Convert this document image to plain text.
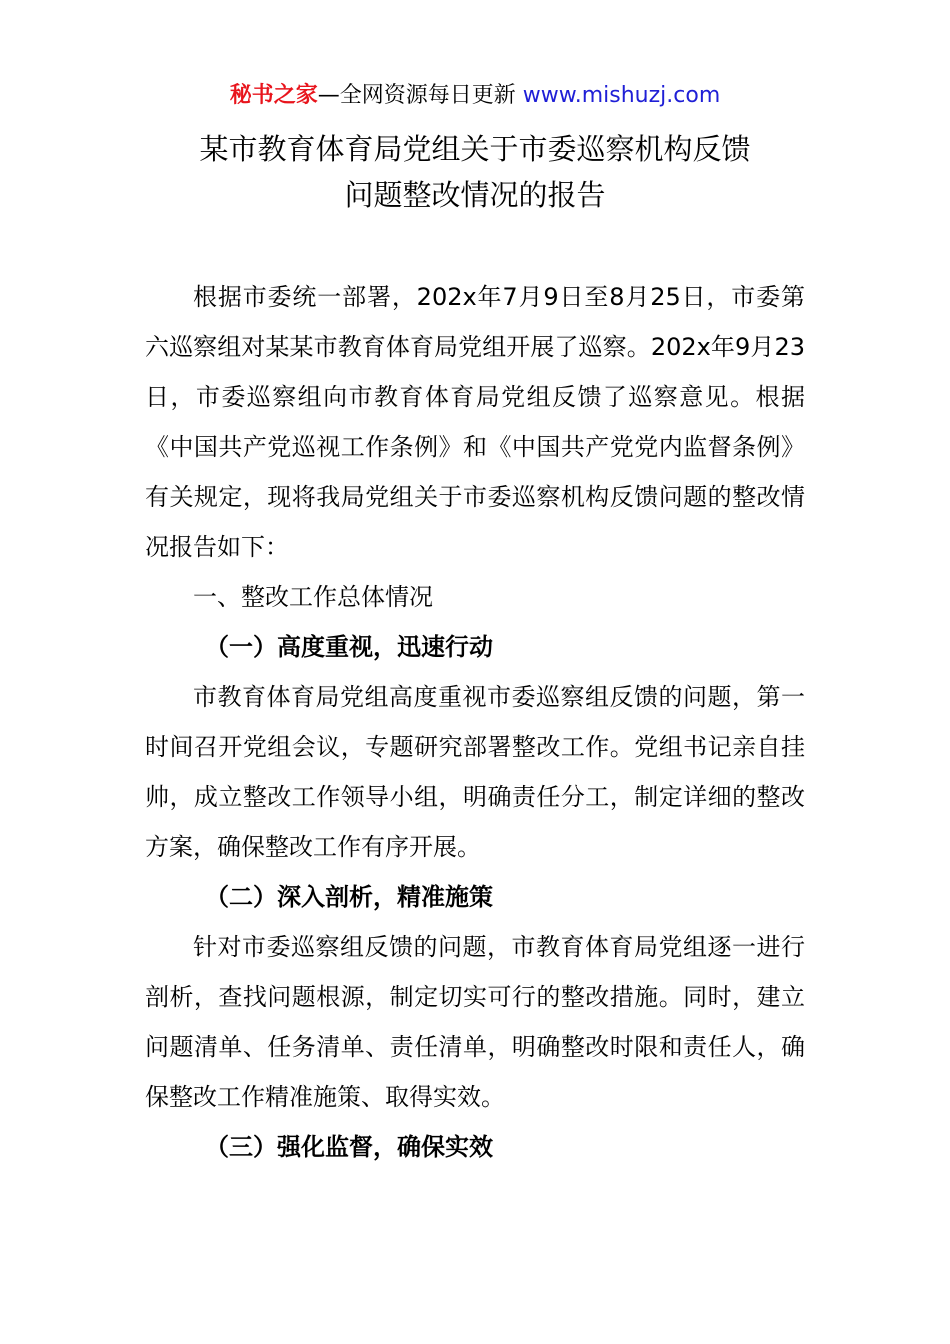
秘书之家—全网资源每日更新 www.mishuzj.com
某市教育体育局党组关于市委巡察机构反馈
问题整改情况的报告

根据市委统一部署，202x年7月9日至8月25日，市委第六巡察组对某某市教育体育局党组开展了巡察。202x年9月23日，市委巡察组向市教育体育局党组反馈了巡察意见。根据《中国共产党巡视工作条例》和《中国共产党党内监督条例》有关规定，现将我局党组关于市委巡察机构反馈问题的整改情况报告如下：

一、整改工作总体情况

（一）高度重视，迅速行动

市教育体育局党组高度重视市委巡察组反馈的问题，第一时间召开党组会议，专题研究部署整改工作。党组书记亲自挂帅，成立整改工作领导小组，明确责任分工，制定详细的整改方案，确保整改工作有序开展。

（二）深入剖析，精准施策

针对市委巡察组反馈的问题，市教育体育局党组逐一进行剖析，查找问题根源，制定切实可行的整改措施。同时，建立问题清单、任务清单、责任清单，明确整改时限和责任人，确保整改工作精准施策、取得实效。

（三）强化监督，确保实效
